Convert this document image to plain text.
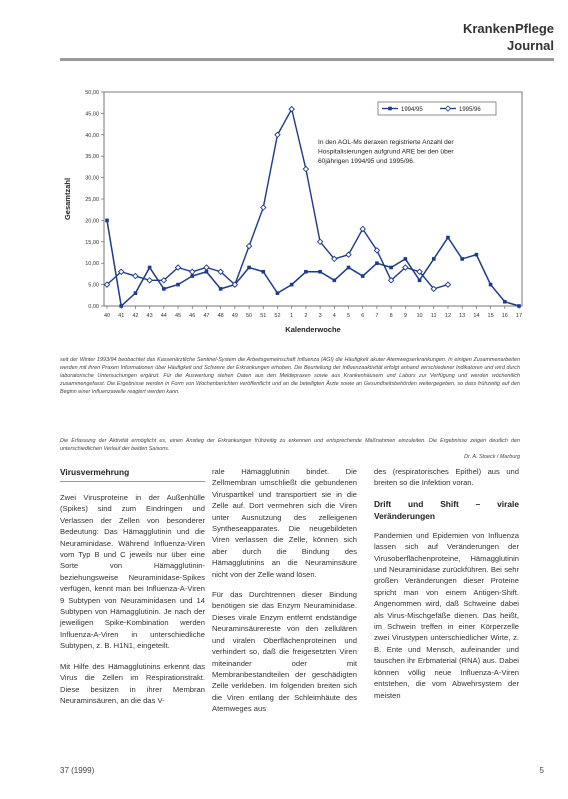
KrankenPflege
Journal
0,00
5,00
10,00
15,00
20,00
25,00
30,00
35,00
40,00
45,00
50,00
40 41 42 43 44 45 46 47 48 49 50 51 52 1 2 3 4 5 6 7 8 9 10 11 12 13 14 15 16 17
Kalenderwoche
Gesamtzahl
1994/95	1995/96
In den AOL-Ms deraxen registrierte Anzahl der Hospitalisierungen aufgrund ARE bei den über 60jährigen 1994/95 und 1995/96.
seit der Winter 1993/94 beobachtet das Kassenärztliche Sentinel-System die Arbeitsgemeinschaft Influenza (AGI) die Häufigkeit akuter Atemwegserkrankungen. In einigen Zusammenarbeiten werden mit ihren Praxen Informationen über Häufigkeit und Schwere der Erkrankungen erhoben. Die Beurteilung der Influenzaaktivität erfolgt anhand verschiedener Indikatoren und wird durch laboratorische Untersuchungen ergänzt. Für die Auswertung stehen Daten aus den Meldepraxen sowie aus Krankenhäusern und Labors zur Verfügung und werden wöchentlich zusammengefasst. Die Ergebnisse werden in Form von Wochenberichten veröffentlicht und an die beteiligten Ärzte sowie an Gesundheitsbehörden weitergegeben, so dass frühzeitig auf den Beginn einer Influenzawelle reagiert werden kann.
Die Erfassung der Aktivität ermöglicht es, einen Anstieg der Erkrankungen frühzeitig zu erkennen und entsprechende Maßnahmen einzuleiten. Die Ergebnisse zeigen deutlich den unterschiedlichen Verlauf der beiden Saisons.
Dr. A. Stoeck / Marburg
Virusvermehrung

Zwei Virusproteine in der Außenhülle (Spikes) sind zum Eindringen und Verlassen der Zellen von besonderer Bedeutung: Das Hämagglutinin und die Neuraminidase. Während Influenza-Viren vom Typ B und C jeweils nur über eine Sorte von Hämagglutinin- beziehungsweise Neuraminidase-Spikes verfügen, kennt man bei Influenza-A-Viren 9 Subtypen von Neuraminidasen und 14 Subtypen von Hämagglutinin. Je nach der jeweiligen Spike-Kombination werden Influenza-A-Viren in unterschiedliche Subtypen, z. B. H1N1, eingeteilt.

Mit Hilfe des Hämagglutinins erkennt das Virus die Zellen im Respirationstrakt. Diese besitzen in ihrer Membran Neuraminsäuren, an die das V-

rale Hämagglutinin bindet. Die Zellmembran umschließt die gebundenen Viruspartikel und transportiert sie in die Zelle auf. Dort vermehren sich die Viren unter Ausnutzung des zelleigenen Syntheseapparates. Die neugebildeten Viren verlassen die Zelle, können sich aber durch die Bindung des Hämagglutinins an die Neuraminsäure nicht von der Zelle wand lösen.

Für das Durchtrennen dieser Bindung benötigen sie das Enzym Neuraminidase. Dieses virale Enzym entfernt endständige Neuraminsäurereste von den zellulären und viralen Oberflächenproteinen und verhindert so, daß die freigesetzten Viren miteinander oder mit Membranbestandteilen der geschädigten Zelle verkleben. Im folgenden breiten sich die Viren entlang der Schleimhäute des Atemweges aus

des (respiratorisches Epithel) aus und breiten so die Infektion voran.

Drift und Shift – virale Veränderungen

Pandemien und Epidemien von Influenza lassen sich auf Veränderungen der Virusoberflächenproteine, Hämagglutinin und Neuraminidase zurückführen. Bei sehr großen Veränderungen dieser Proteine spricht man von einem Antigen-Shift. Angenommen wird, daß Schweine dabei als Virus-Mischgefäße dienen. Das heißt, im Schwein treffen in einer Körperzelle zwei Virustypen unterschiedlicher Wirte, z. B. Ente und Mensch, aufeinander und tauschen ihr Erbmaterial (RNA) aus. Dabei können völlig neue Influenza-A-Viren entstehen, die vom Abwehrsystem der meisten

37 (1999)	5
